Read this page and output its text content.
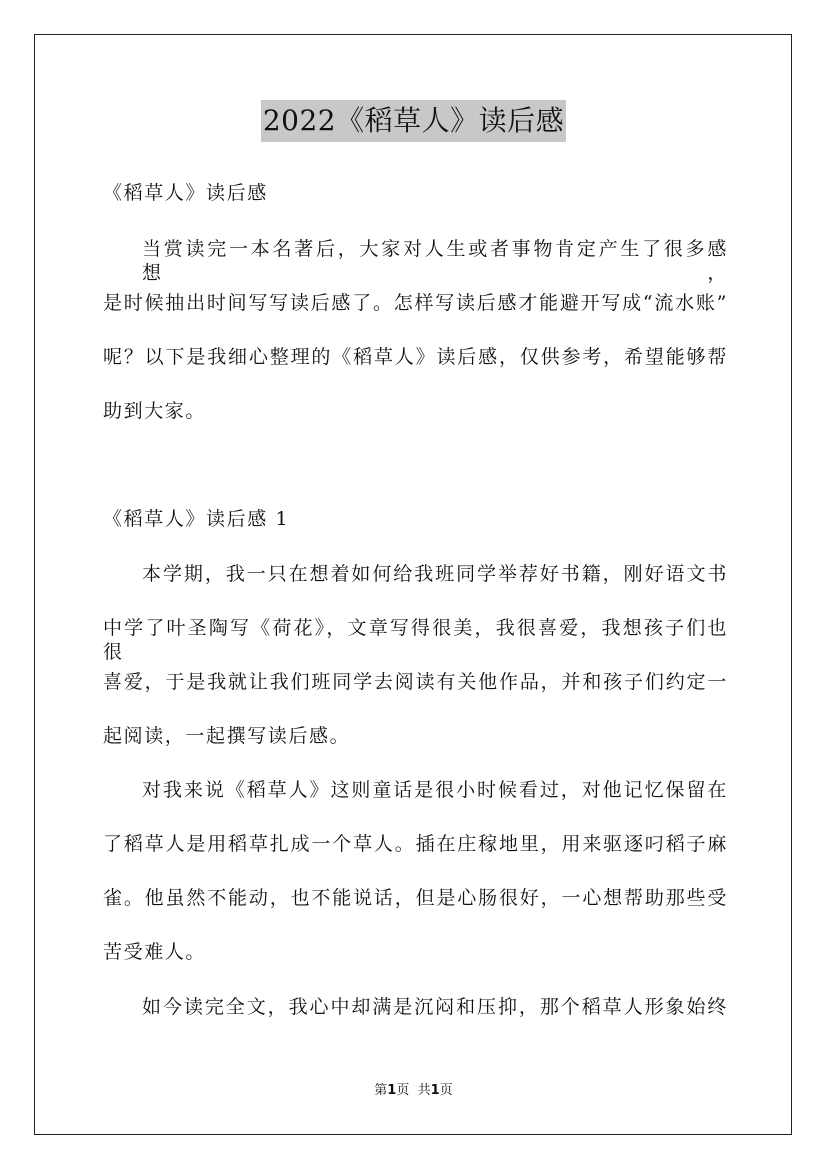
2022《稻草人》读后感

《稻草人》读后感

当赏读完一本名著后，大家对人生或者事物肯定产生了很多感想，

是时候抽出时间写写读后感了。怎样写读后感才能避开写成“流水账”

呢？以下是我细心整理的《稻草人》读后感，仅供参考，希望能够帮

助到大家。

《稻草人》读后感 1

本学期，我一只在想着如何给我班同学举荐好书籍，刚好语文书

中学了叶圣陶写《荷花》，文章写得很美，我很喜爱，我想孩子们也很

喜爱，于是我就让我们班同学去阅读有关他作品，并和孩子们约定一

起阅读，一起撰写读后感。

对我来说《稻草人》这则童话是很小时候看过，对他记忆保留在

了稻草人是用稻草扎成一个草人。插在庄稼地里，用来驱逐叼稻子麻

雀。他虽然不能动，也不能说话，但是心肠很好，一心想帮助那些受

苦受难人。

如今读完全文，我心中却满是沉闷和压抑，那个稻草人形象始终

第1页 共1页
